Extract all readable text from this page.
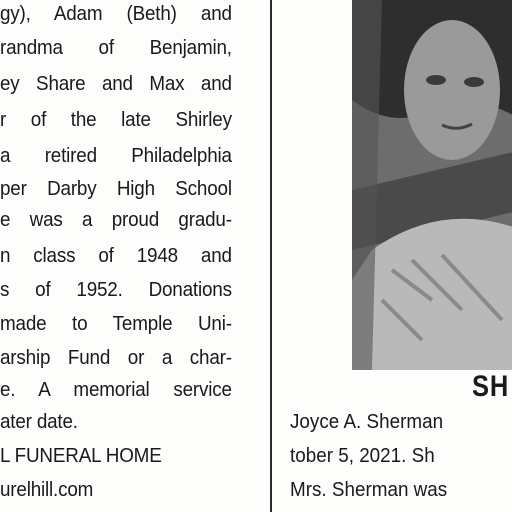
gy), Adam (Beth) and
randma of Benjamin,
ey Share and Max and
r of the late Shirley
a retired Philadelphia
per Darby High School
e was a proud gradu-
n class of 1948 and
s of 1952. Donations
made to Temple Uni-
arship Fund or a char-
e. A memorial service
ater date.
L FUNERAL HOME
urelhill.com
SH
Joyce A. Sherman
tober 5, 2021. Sh
Mrs. Sherman was
